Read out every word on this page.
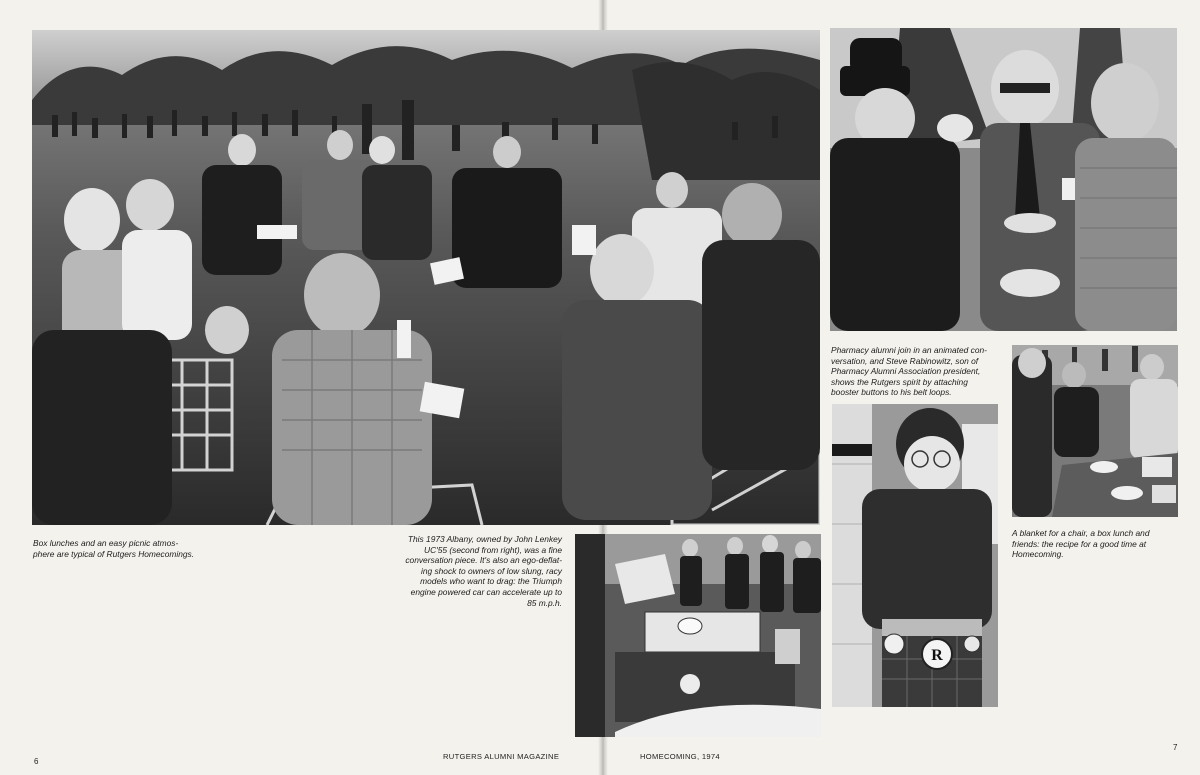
Pharmacy alumni join in an animated con-
versation, and Steve Rabinowitz, son of
Pharmacy Alumni Association president,
shows the Rutgers spirit by attaching
booster buttons to his belt loops.
A blanket for a chair, a box lunch and
friends: the recipe for a good time at
Homecoming.
R
This 1973 Albany, owned by John Lenkey
UC'55 (second from right), was a fine
conversation piece. It's also an ego-deflat-
ing shock to owners of low slung, racy
models who want to drag: the Triumph
engine powered car can accelerate up to
85 m.p.h.
Box lunches and an easy picnic atmos-
phere are typical of Rutgers Homecomings.
6
RUTGERS ALUMNI MAGAZINE	HOMECOMING, 1974
7
